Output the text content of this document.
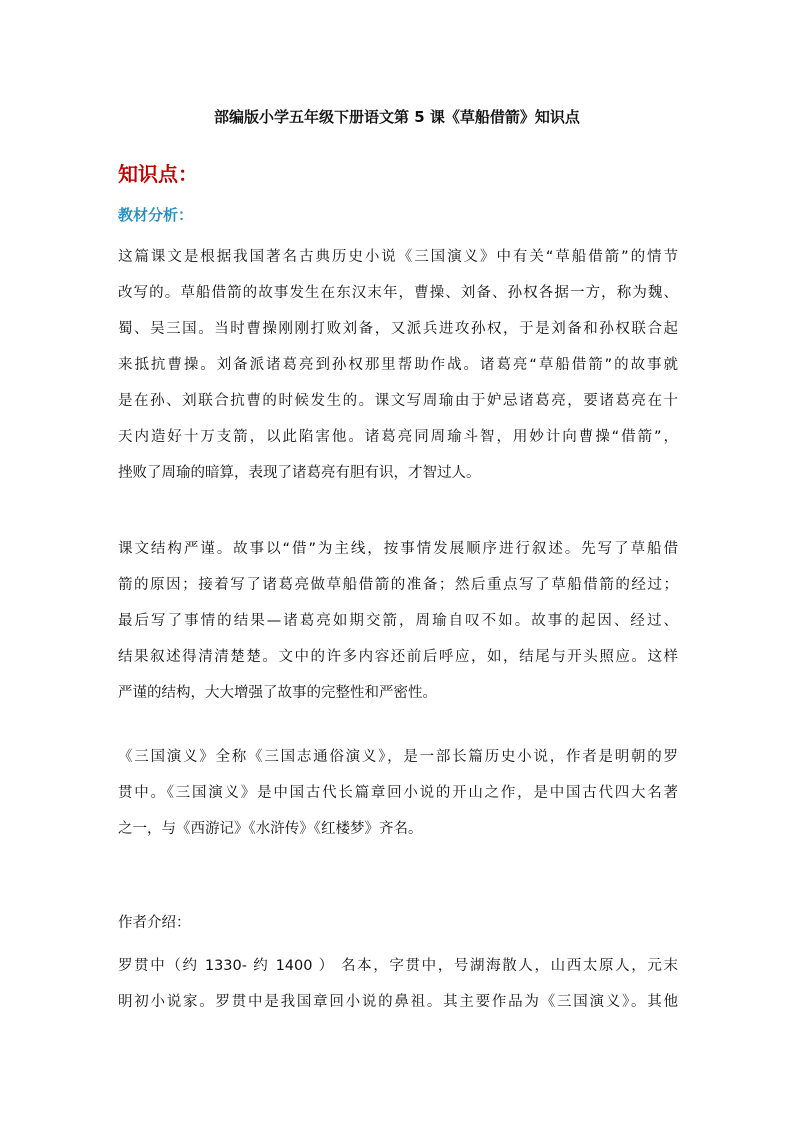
部编版小学五年级下册语文第 5 课《草船借箭》知识点
知识点：
教材分析：
这篇课文是根据我国著名古典历史小说《三国演义》中有关“草船借箭”的情节
改写的。草船借箭的故事发生在东汉末年，曹操、刘备、孙权各据一方，称为魏、
蜀、吴三国。当时曹操刚刚打败刘备，又派兵进攻孙权，于是刘备和孙权联合起
来抵抗曹操。刘备派诸葛亮到孙权那里帮助作战。诸葛亮“草船借箭”的故事就
是在孙、刘联合抗曹的时候发生的。课文写周瑜由于妒忌诸葛亮，要诸葛亮在十
天内造好十万支箭，以此陷害他。诸葛亮同周瑜斗智，用妙计向曹操“借箭”，
挫败了周瑜的暗算，表现了诸葛亮有胆有识，才智过人。
课文结构严谨。故事以“借”为主线，按事情发展顺序进行叙述。先写了草船借
箭的原因；接着写了诸葛亮做草船借箭的准备；然后重点写了草船借箭的经过；
最后写了事情的结果—诸葛亮如期交箭，周瑜自叹不如。故事的起因、经过、
结果叙述得清清楚楚。文中的许多内容还前后呼应，如，结尾与开头照应。这样
严谨的结构，大大增强了故事的完整性和严密性。
《三国演义》全称《三国志通俗演义》，是一部长篇历史小说，作者是明朝的罗
贯中。《三国演义》是中国古代长篇章回小说的开山之作，是中国古代四大名著
之一，与《西游记》《水浒传》《红楼梦》齐名。
作者介绍：
罗贯中（约 1330- 约 1400 ） 名本，字贯中，号湖海散人，山西太原人，元末
明初小说家。罗贯中是我国章回小说的鼻祖。其主要作品为《三国演义》。其他
